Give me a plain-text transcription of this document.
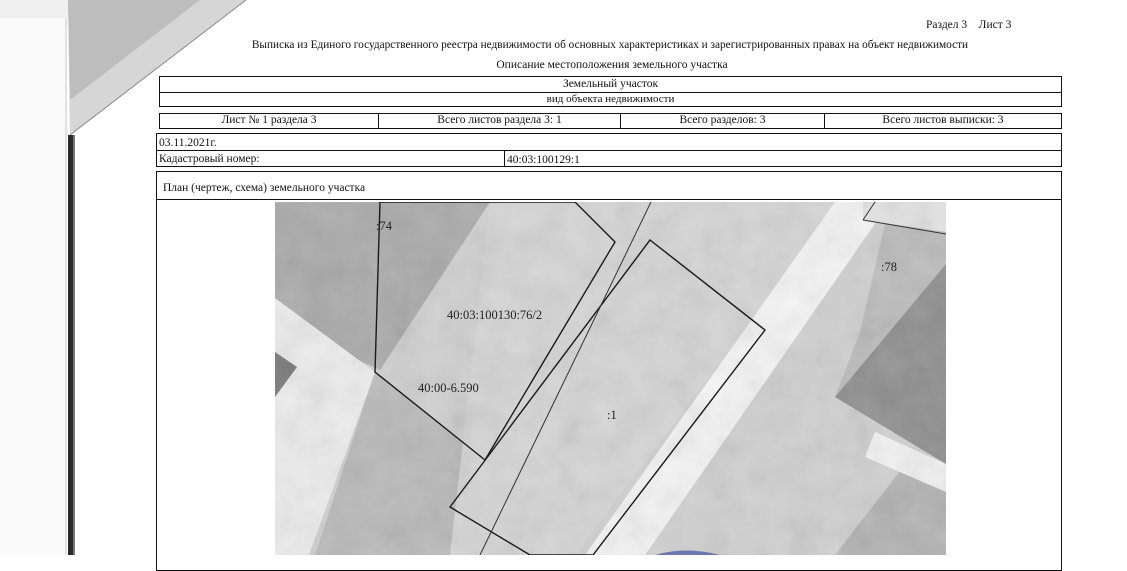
Раздел 3    Лист 3
Выписка из Единого государственного реестра недвижимости об основных характеристиках и зарегистрированных правах на объект недвижимости
Описание местоположения земельного участка
Земельный участок
вид объекта недвижимости
Лист № 1 раздела 3	Всего листов раздела 3: 1	Всего разделов: 3	Всего листов выписки: 3
03.11.2021г.
Кадастровый номер:	40:03:100129:1
План (чертеж, схема) земельного участка
:74
:78
40:03:100130:76/2
40:00-6.590
:1
